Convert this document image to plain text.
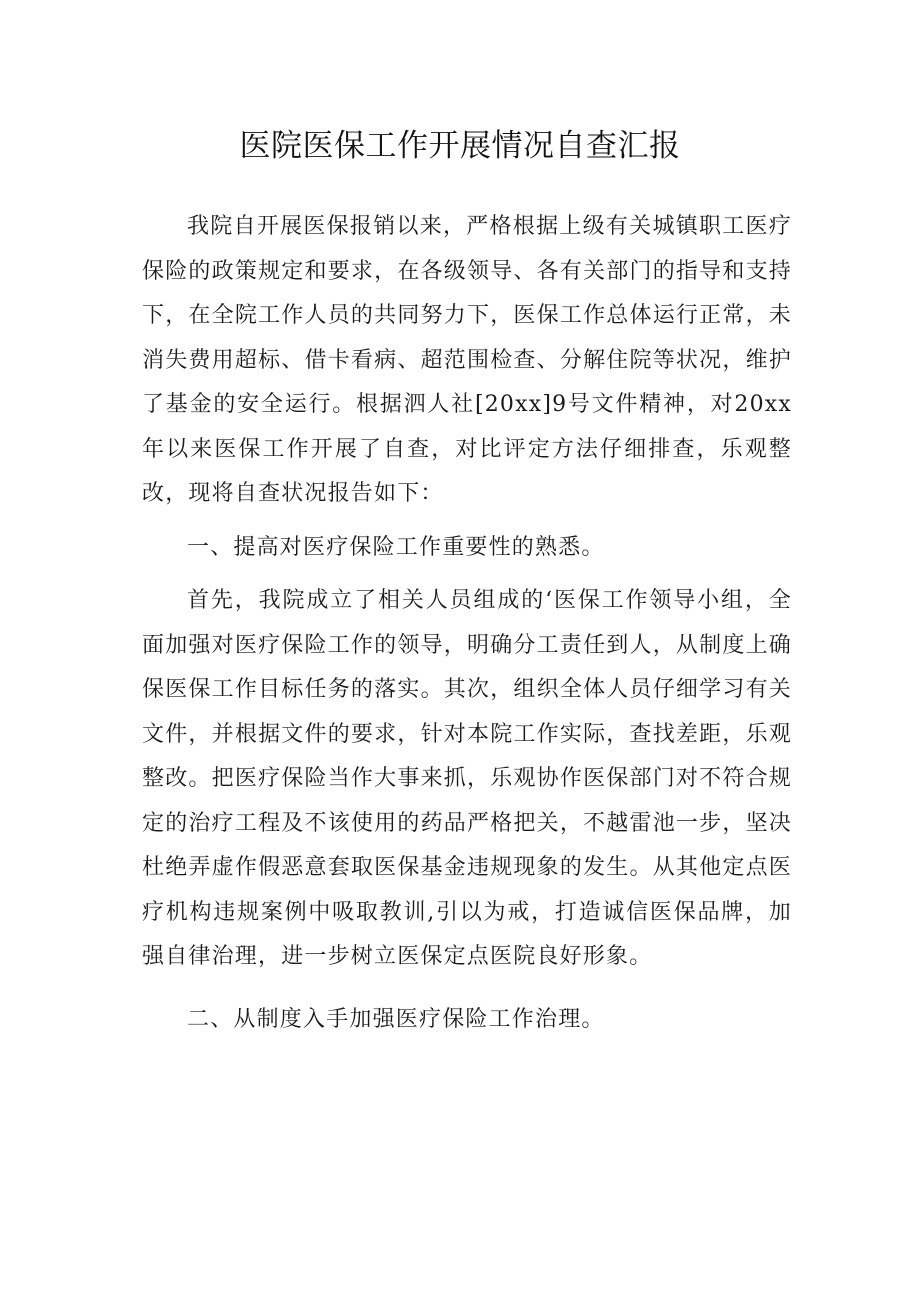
医院医保工作开展情况自查汇报

我院自开展医保报销以来，严格根据上级有关城镇职工医疗保险的政策规定和要求，在各级领导、各有关部门的指导和支持下，在全院工作人员的共同努力下，医保工作总体运行正常，未消失费用超标、借卡看病、超范围检查、分解住院等状况，维护了基金的安全运行。根据泗人社[20xx]9号文件精神，对20xx年以来医保工作开展了自查，对比评定方法仔细排查，乐观整改，现将自查状况报告如下：

一、提高对医疗保险工作重要性的熟悉。

首先，我院成立了相关人员组成的‘医保工作领导小组，全面加强对医疗保险工作的领导，明确分工责任到人，从制度上确保医保工作目标任务的落实。其次，组织全体人员仔细学习有关文件，并根据文件的要求，针对本院工作实际，查找差距，乐观整改。把医疗保险当作大事来抓，乐观协作医保部门对不符合规定的治疗工程及不该使用的药品严格把关，不越雷池一步，坚决杜绝弄虚作假恶意套取医保基金违规现象的发生。从其他定点医疗机构违规案例中吸取教训,引以为戒，打造诚信医保品牌，加强自律治理，进一步树立医保定点医院良好形象。

二、从制度入手加强医疗保险工作治理。
